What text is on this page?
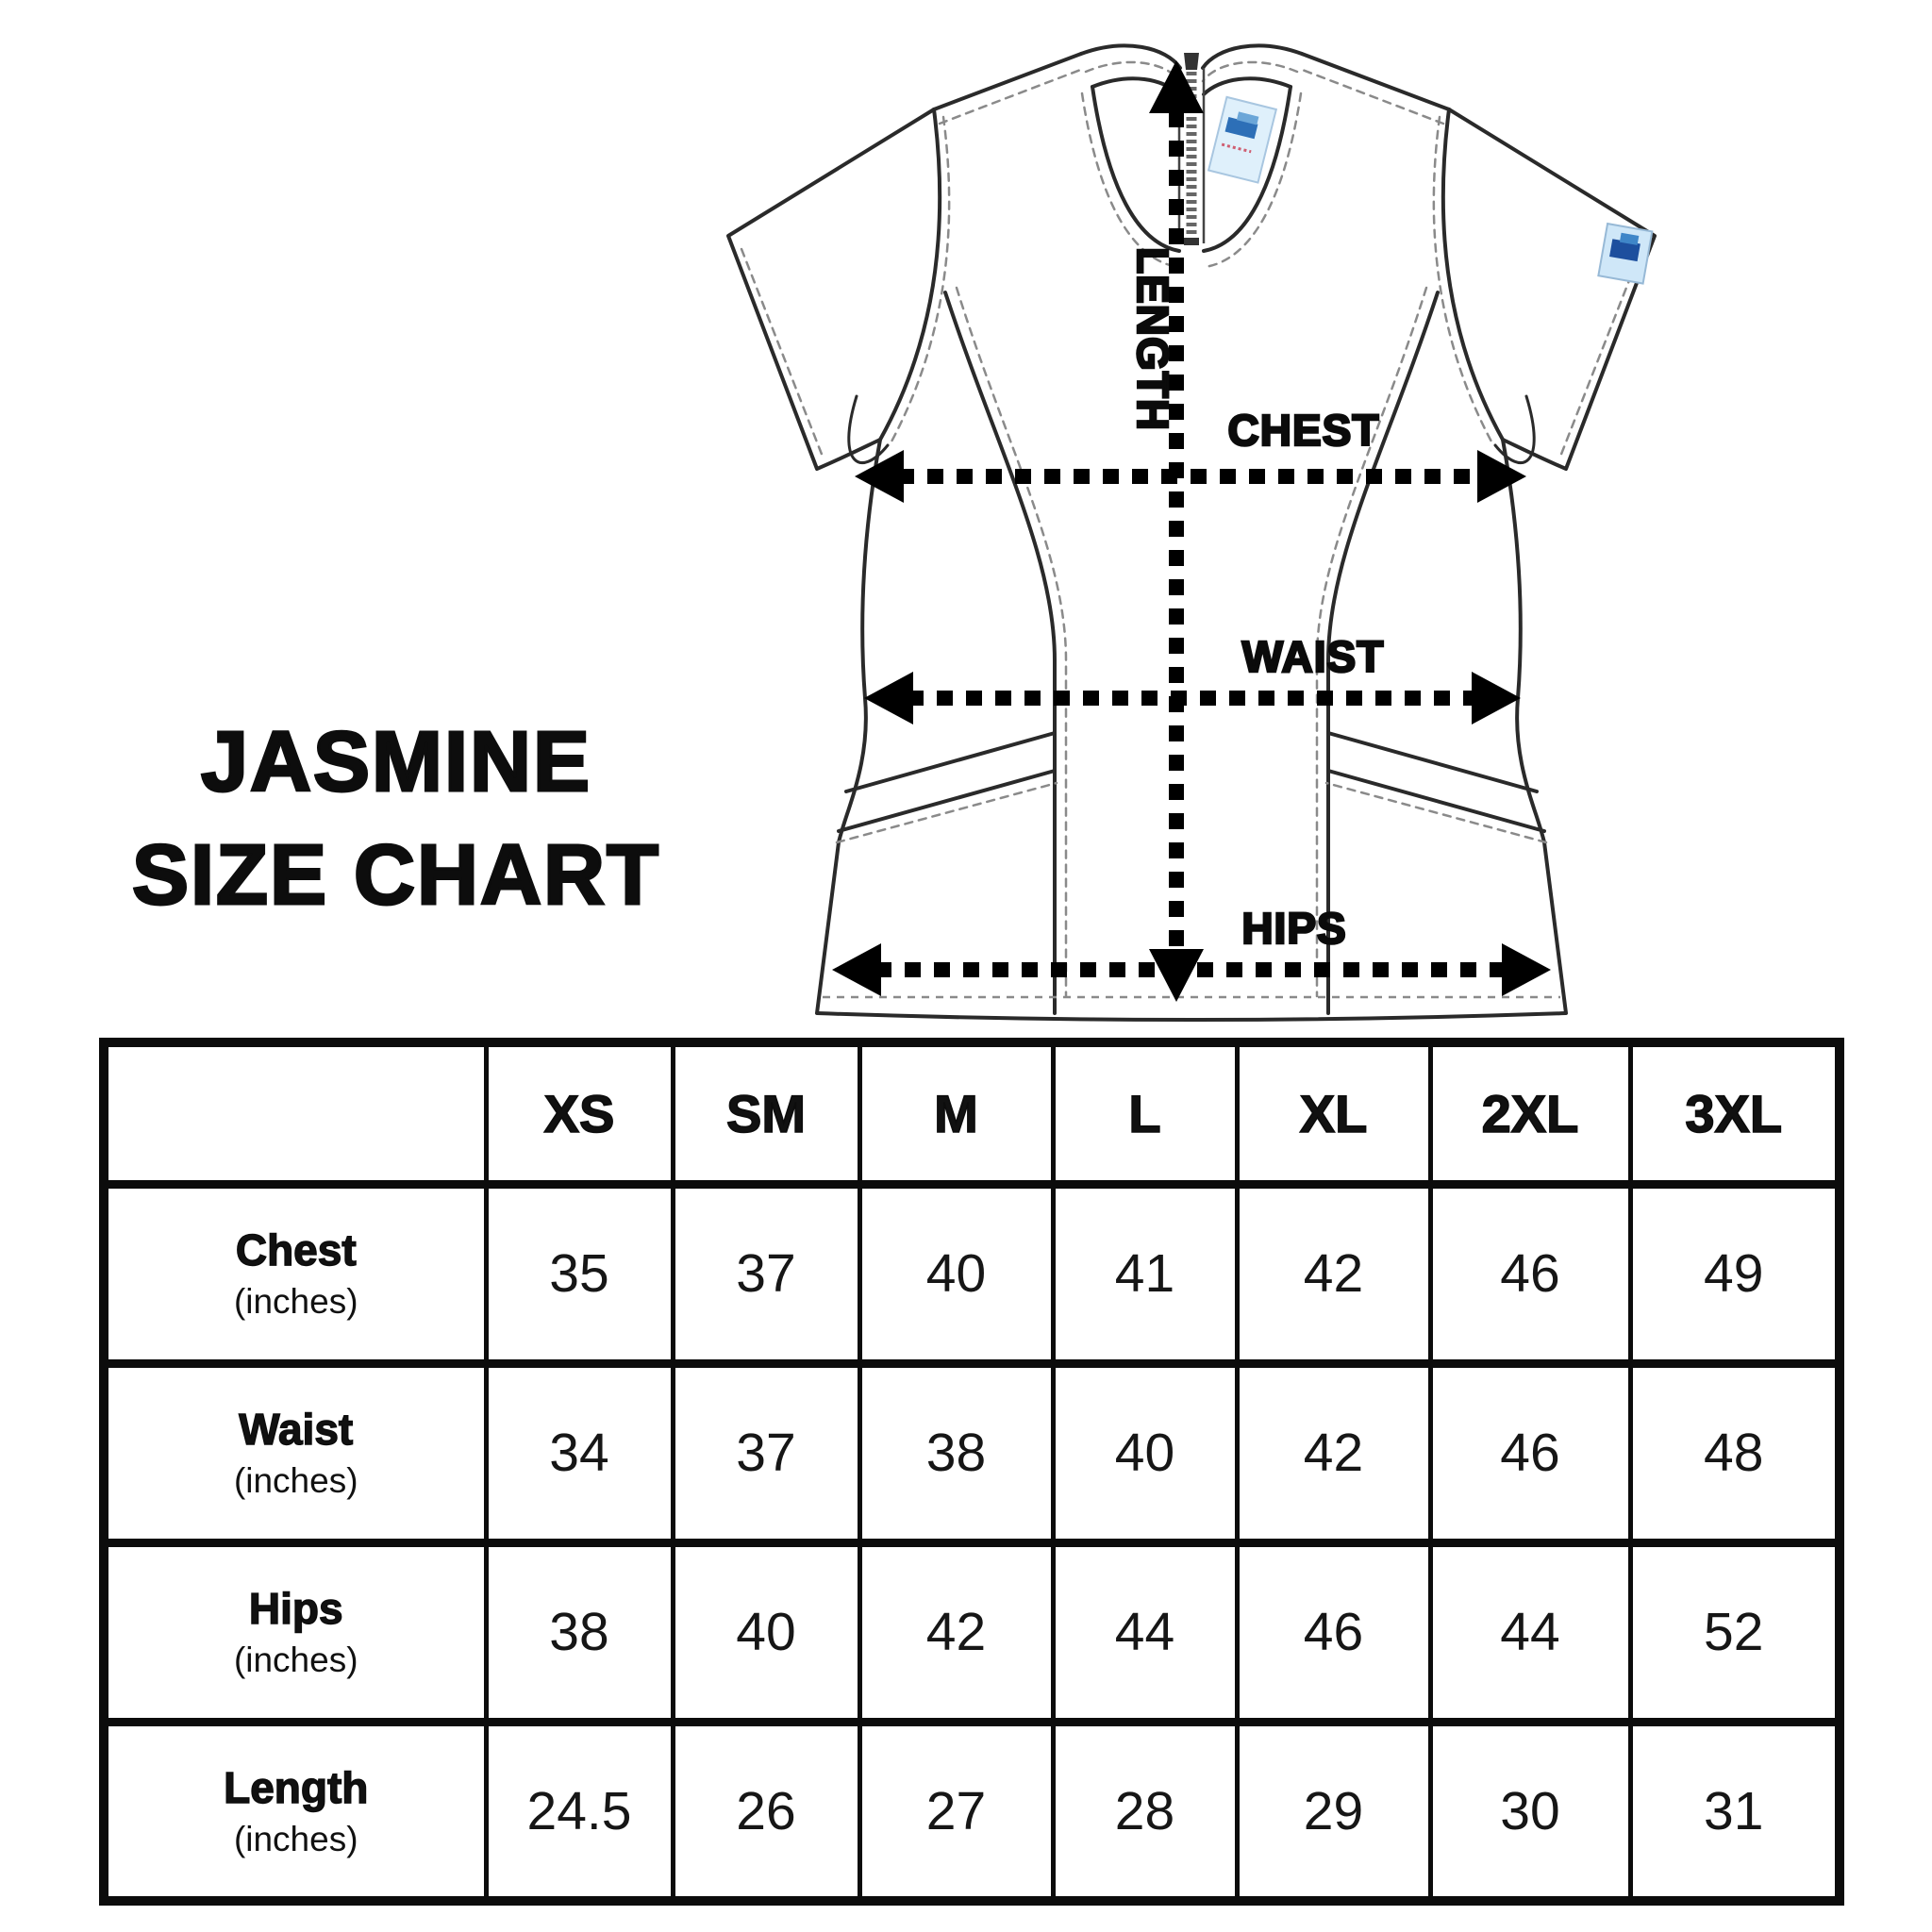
JASMINE
SIZE CHART
LENGTH CHEST
WAIST
HIPS
	XS	SM	M	L	XL	2XL	3XL

Chest
(inches)	35	37	40	41	42	46	49

Waist
(inches)	34	37	38	40	42	46	48

Hips
(inches)	38	40	42	44	46	44	52

Length
(inches)	24.5	26	27	28	29	30	31
